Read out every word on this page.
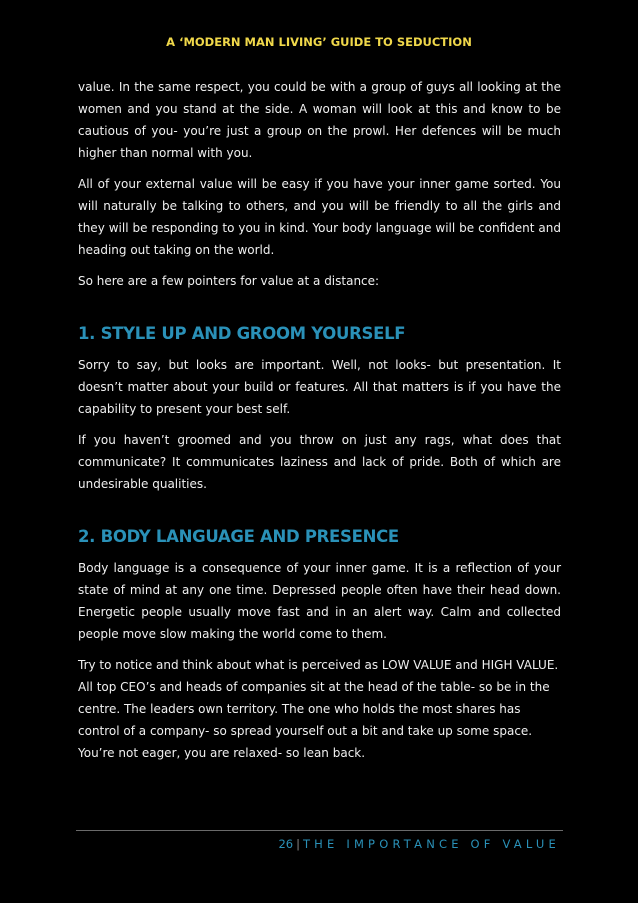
A ‘MODERN MAN LIVING’ GUIDE TO SEDUCTION

value. In the same respect, you could be with a group of guys all looking at the women and you stand at the side. A woman will look at this and know to be cautious of you- you’re just a group on the prowl. Her defences will be much higher than normal with you.

All of your external value will be easy if you have your inner game sorted. You will naturally be talking to others, and you will be friendly to all the girls and they will be responding to you in kind. Your body language will be confident and heading out taking on the world.

So here are a few pointers for value at a distance:

1. STYLE UP AND GROOM YOURSELF

Sorry to say, but looks are important. Well, not looks- but presentation. It doesn’t matter about your build or features. All that matters is if you have the capability to present your best self.

If you haven’t groomed and you throw on just any rags, what does that communicate? It communicates laziness and lack of pride. Both of which are undesirable qualities.

2. BODY LANGUAGE AND PRESENCE

Body language is a consequence of your inner game. It is a reflection of your state of mind at any one time. Depressed people often have their head down. Energetic people usually move fast and in an alert way. Calm and collected people move slow making the world come to them.

Try to notice and think about what is perceived as LOW VALUE and HIGH VALUE. All top CEO’s and heads of companies sit at the head of the table- so be in the centre. The leaders own territory. The one who holds the most shares has control of a company- so spread yourself out a bit and take up some space. You’re not eager, you are relaxed- so lean back.

26 | THE IMPORTANCE OF VALUE
